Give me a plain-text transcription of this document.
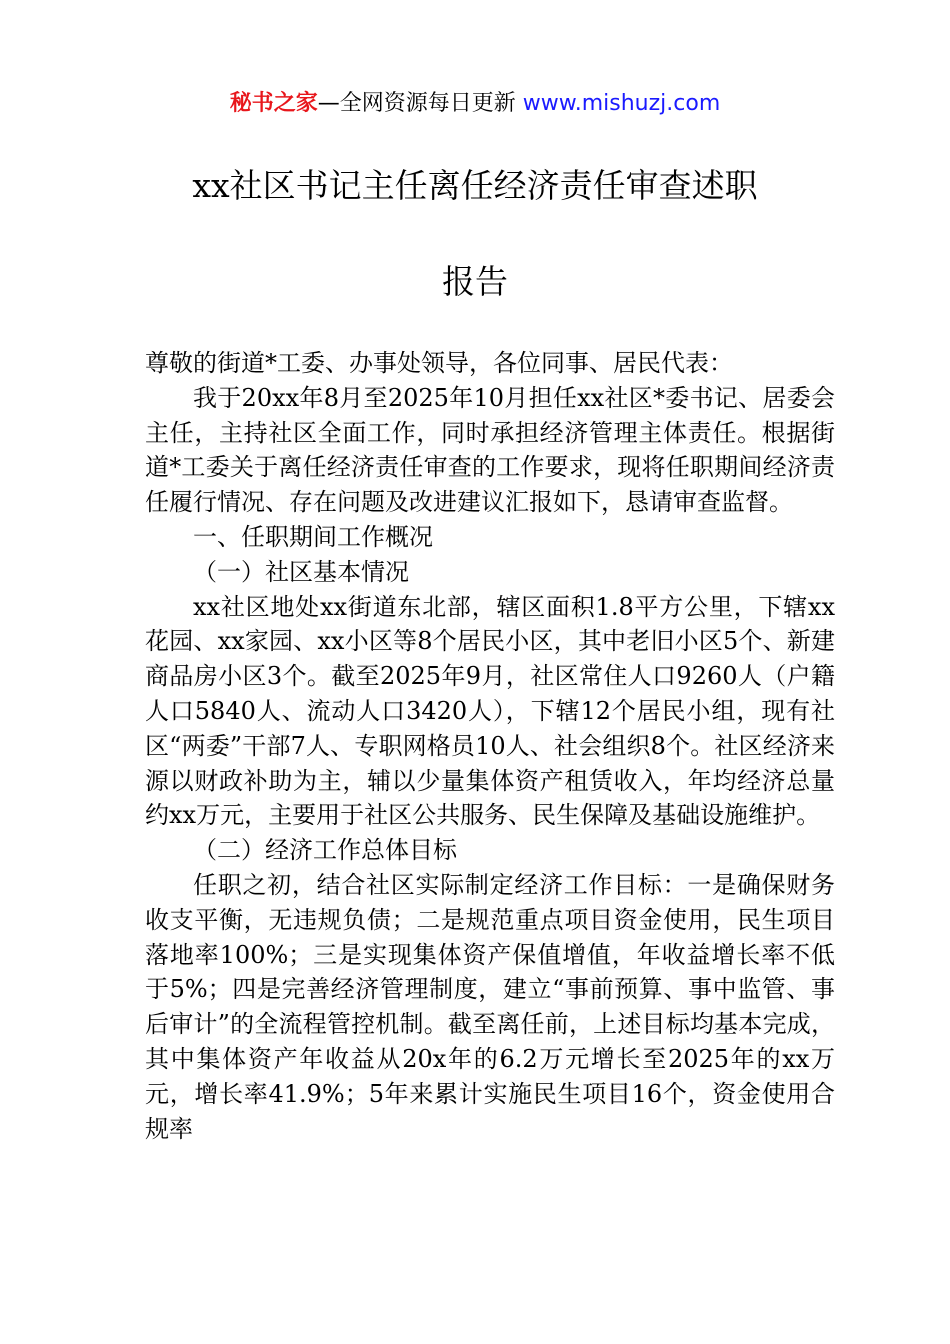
秘书之家—全网资源每日更新 www.mishuzj.com
xx社区书记主任离任经济责任审查述职
报告

尊敬的街道*工委、办事处领导，各位同事、居民代表：

我于20xx年8月至2025年10月担任xx社区*委书记、居委会主任，主持社区全面工作，同时承担经济管理主体责任。根据街道*工委关于离任经济责任审查的工作要求，现将任职期间经济责任履行情况、存在问题及改进建议汇报如下，恳请审查监督。

一、任职期间工作概况

（一）社区基本情况

xx社区地处xx街道东北部，辖区面积1.8平方公里，下辖xx花园、xx家园、xx小区等8个居民小区，其中老旧小区5个、新建商品房小区3个。截至2025年9月，社区常住人口9260人（户籍人口5840人、流动人口3420人），下辖12个居民小组，现有社区“两委”干部7人、专职网格员10人、社会组织8个。社区经济来源以财政补助为主，辅以少量集体资产租赁收入，年均经济总量约xx万元，主要用于社区公共服务、民生保障及基础设施维护。

（二）经济工作总体目标

任职之初，结合社区实际制定经济工作目标：一是确保财务收支平衡，无违规负债；二是规范重点项目资金使用，民生项目落地率100%；三是实现集体资产保值增值，年收益增长率不低于5%；四是完善经济管理制度，建立“事前预算、事中监管、事后审计”的全流程管控机制。截至离任前，上述目标均基本完成，其中集体资产年收益从20x年的6.2万元增长至2025年的xx万元，增长率41.9%；5年来累计实施民生项目16个，资金使用合规率
